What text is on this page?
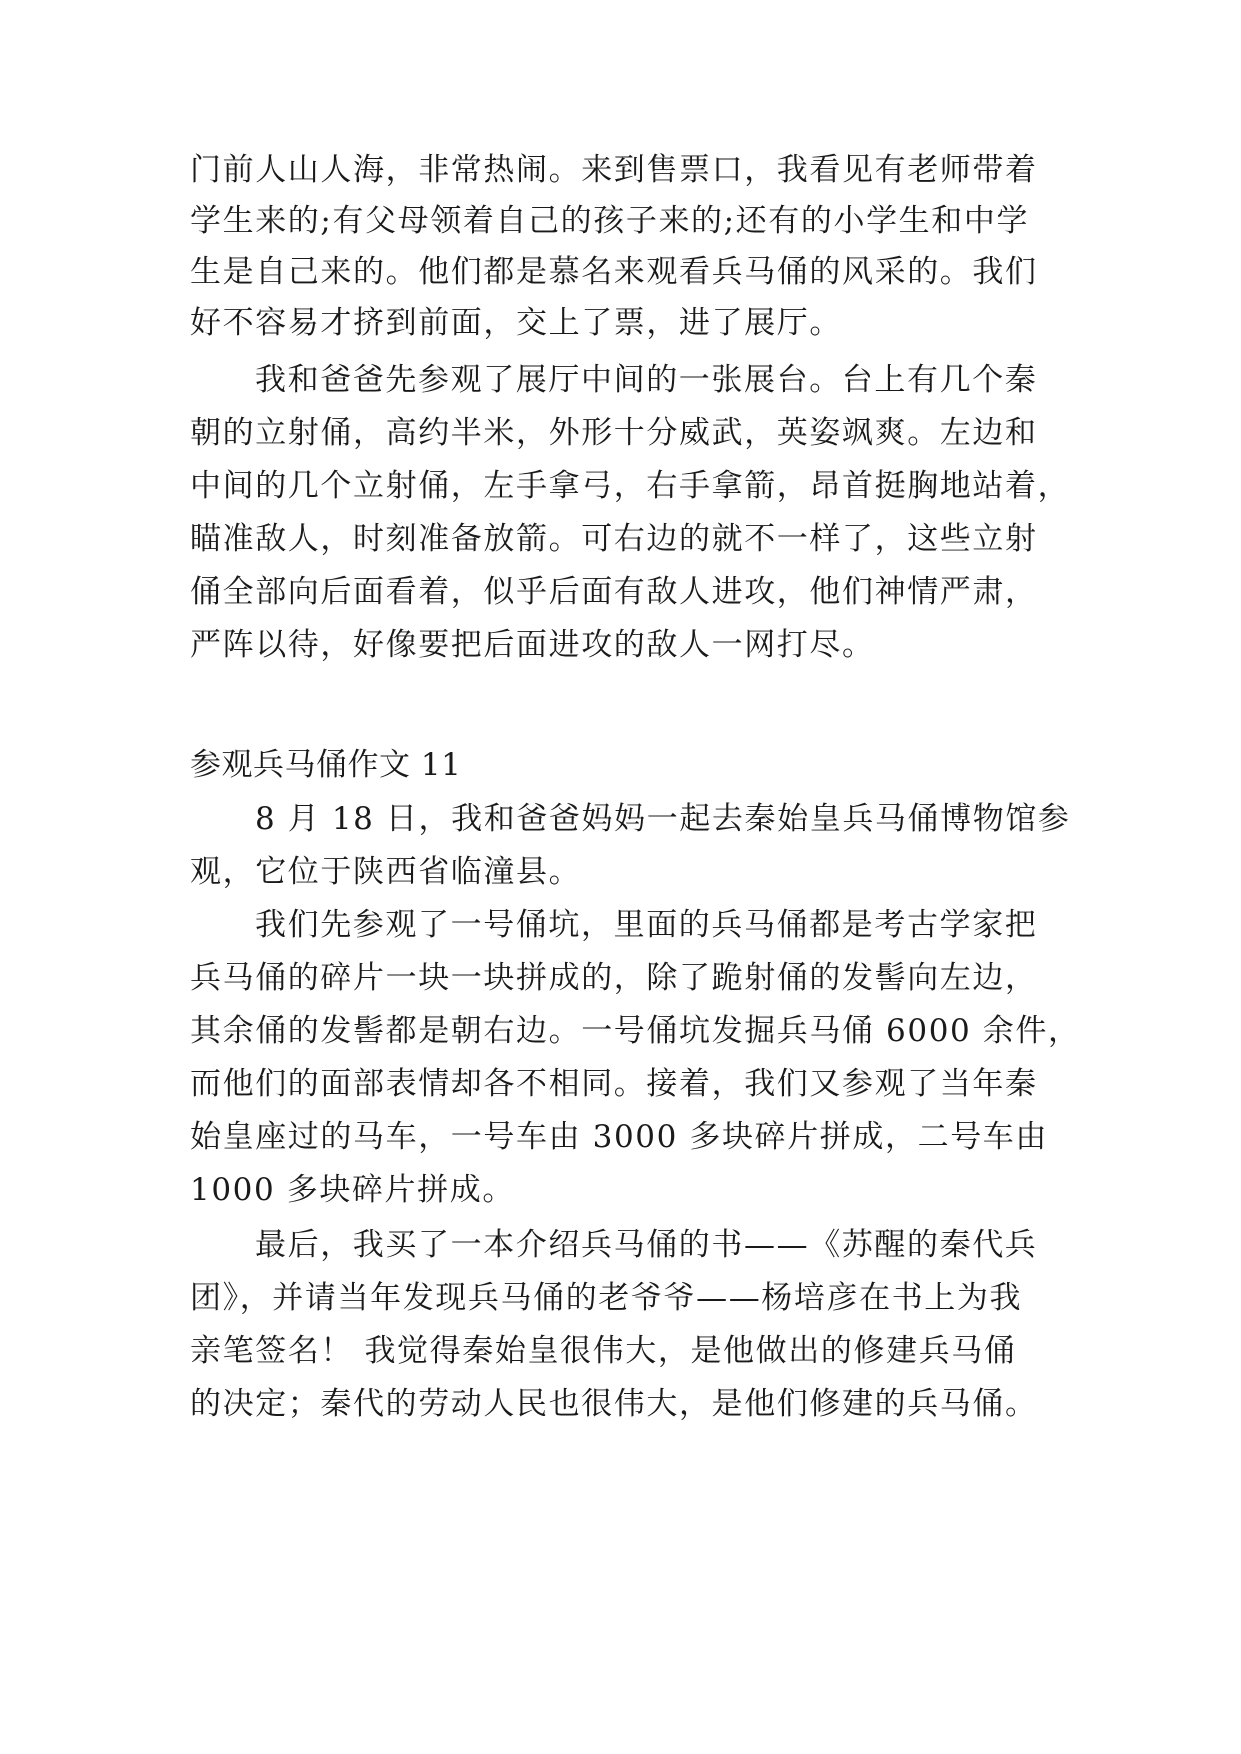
门前人山人海，非常热闹。来到售票口，我看见有老师带着
学生来的;有父母领着自己的孩子来的;还有的小学生和中学
生是自己来的。他们都是慕名来观看兵马俑的风采的。我们
好不容易才挤到前面，交上了票，进了展厅。
我和爸爸先参观了展厅中间的一张展台。台上有几个秦
朝的立射俑，高约半米，外形十分威武，英姿飒爽。左边和
中间的几个立射俑，左手拿弓，右手拿箭，昂首挺胸地站着，
瞄准敌人，时刻准备放箭。可右边的就不一样了，这些立射
俑全部向后面看着，似乎后面有敌人进攻，他们神情严肃，
严阵以待，好像要把后面进攻的敌人一网打尽。
参观兵马俑作文 11
8 月 18 日，我和爸爸妈妈一起去秦始皇兵马俑博物馆参
观，它位于陕西省临潼县。
我们先参观了一号俑坑，里面的兵马俑都是考古学家把
兵马俑的碎片一块一块拼成的，除了跪射俑的发髻向左边，
其余俑的发髻都是朝右边。一号俑坑发掘兵马俑 6000 余件，
而他们的面部表情却各不相同。接着，我们又参观了当年秦
始皇座过的马车，一号车由 3000 多块碎片拼成，二号车由
1000 多块碎片拼成。
最后，我买了一本介绍兵马俑的书——《苏醒的秦代兵
团》，并请当年发现兵马俑的老爷爷——杨培彦在书上为我
亲笔签名！ 我觉得秦始皇很伟大，是他做出的修建兵马俑
的决定；秦代的劳动人民也很伟大，是他们修建的兵马俑。
